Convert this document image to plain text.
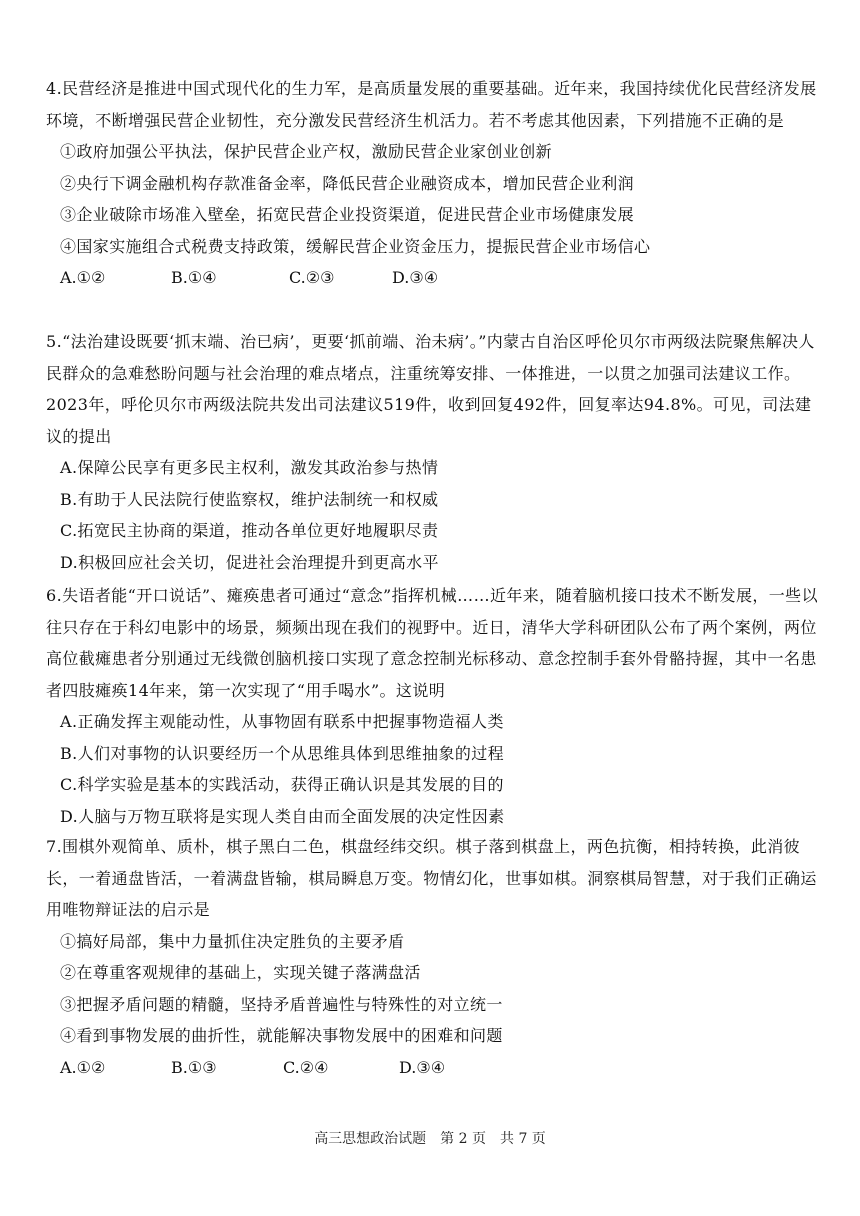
4.民营经济是推进中国式现代化的生力军，是高质量发展的重要基础。近年来，我国持续优化民营经济发展环境，不断增强民营企业韧性，充分激发民营经济生机活力。若不考虑其他因素，下列措施不正确的是

①政府加强公平执法，保护民营企业产权，激励民营企业家创业创新

②央行下调金融机构存款准备金率，降低民营企业融资成本，增加民营企业利润

③企业破除市场准入壁垒，拓宽民营企业投资渠道，促进民营企业市场健康发展

④国家实施组合式税费支持政策，缓解民营企业资金压力，提振民营企业市场信心

A.①②	B.①④	C.②③	D.③④

5.“法治建设既要‘抓末端、治已病’，更要‘抓前端、治未病’。”内蒙古自治区呼伦贝尔市两级法院聚焦解决人民群众的急难愁盼问题与社会治理的难点堵点，注重统筹安排、一体推进，一以贯之加强司法建议工作。2023年，呼伦贝尔市两级法院共发出司法建议519件，收到回复492件，回复率达94.8%。可见，司法建议的提出

A.保障公民享有更多民主权利，激发其政治参与热情

B.有助于人民法院行使监察权，维护法制统一和权威

C.拓宽民主协商的渠道，推动各单位更好地履职尽责

D.积极回应社会关切，促进社会治理提升到更高水平

6.失语者能“开口说话”、瘫痪患者可通过“意念”指挥机械……近年来，随着脑机接口技术不断发展，一些以往只存在于科幻电影中的场景，频频出现在我们的视野中。近日，清华大学科研团队公布了两个案例，两位高位截瘫患者分别通过无线微创脑机接口实现了意念控制光标移动、意念控制手套外骨骼持握，其中一名患者四肢瘫痪14年来，第一次实现了“用手喝水”。这说明

A.正确发挥主观能动性，从事物固有联系中把握事物造福人类

B.人们对事物的认识要经历一个从思维具体到思维抽象的过程

C.科学实验是基本的实践活动，获得正确认识是其发展的目的

D.人脑与万物互联将是实现人类自由而全面发展的决定性因素

7.围棋外观简单、质朴，棋子黑白二色，棋盘经纬交织。棋子落到棋盘上，两色抗衡，相持转换，此消彼长，一着通盘皆活，一着满盘皆输，棋局瞬息万变。物情幻化，世事如棋。洞察棋局智慧，对于我们正确运用唯物辩证法的启示是

①搞好局部，集中力量抓住决定胜负的主要矛盾

②在尊重客观规律的基础上，实现关键子落满盘活

③把握矛盾问题的精髓，坚持矛盾普遍性与特殊性的对立统一

④看到事物发展的曲折性，就能解决事物发展中的困难和问题

A.①②	B.①③	C.②④	D.③④
高三思想政治试题　第 2 页　共 7 页
